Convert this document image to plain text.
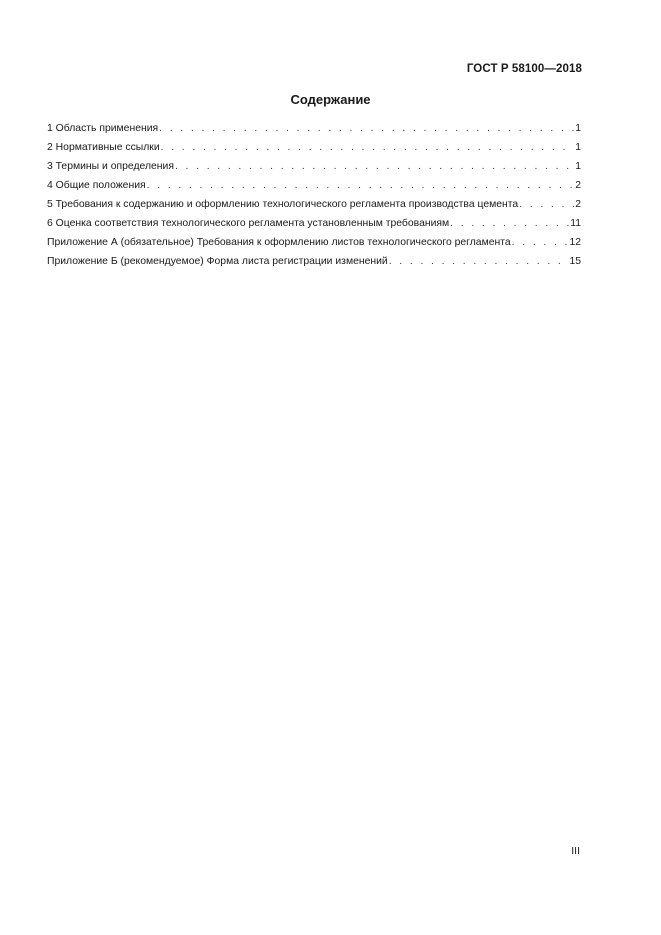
ГОСТ Р 58100—2018
Содержание
1 Область применения . . .	1
2 Нормативные ссылки . . .	1
3 Термины и определения . . .	1
4 Общие положения . . .	2
5 Требования к содержанию и оформлению технологического регламента производства цемента . . .	2
6 Оценка соответствия технологического регламента установленным требованиям . . .	11
Приложение А (обязательное) Требования к оформлению листов технологического регламента . . .	12
Приложение Б (рекомендуемое) Форма листа регистрации изменений . . .	15
III
